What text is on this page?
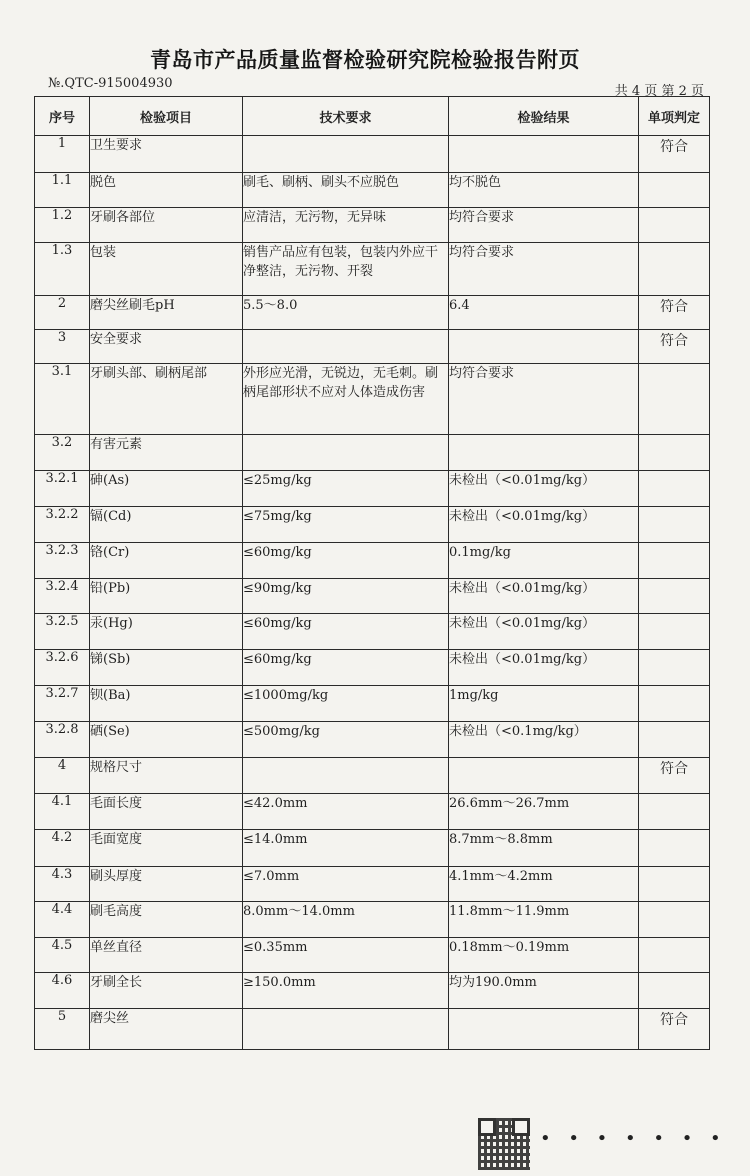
青岛市产品质量监督检验研究院检验报告附页
№.QTC-915004930
共 4 页 第 2 页
序号	检验项目	技术要求	检验结果	单项判定
1	卫生要求			符合
1.1	脱色	刷毛、刷柄、刷头不应脱色	均不脱色	
1.2	牙刷各部位	应清洁，无污物，无异味	均符合要求	
1.3	包装	销售产品应有包装，包装内外应干净整洁，无污物、开裂	均符合要求	
2	磨尖丝刷毛pH	5.5～8.0	6.4	符合
3	安全要求			符合
3.1	牙刷头部、刷柄尾部	外形应光滑，无锐边，无毛刺。刷柄尾部形状不应对人体造成伤害	均符合要求	
3.2	有害元素			
3.2.1	砷(As)	≤25mg/kg	未检出（<0.01mg/kg）	
3.2.2	镉(Cd)	≤75mg/kg	未检出（<0.01mg/kg）	
3.2.3	铬(Cr)	≤60mg/kg	0.1mg/kg	
3.2.4	铅(Pb)	≤90mg/kg	未检出（<0.01mg/kg）	
3.2.5	汞(Hg)	≤60mg/kg	未检出（<0.01mg/kg）	
3.2.6	锑(Sb)	≤60mg/kg	未检出（<0.01mg/kg）	
3.2.7	钡(Ba)	≤1000mg/kg	1mg/kg	
3.2.8	硒(Se)	≤500mg/kg	未检出（<0.1mg/kg）	
4	规格尺寸			符合
4.1	毛面长度	≤42.0mm	26.6mm～26.7mm	
4.2	毛面宽度	≤14.0mm	8.7mm～8.8mm	
4.3	刷头厚度	≤7.0mm	4.1mm～4.2mm	
4.4	刷毛高度	8.0mm～14.0mm	11.8mm～11.9mm	
4.5	单丝直径	≤0.35mm	0.18mm～0.19mm	
4.6	牙刷全长	≥150.0mm	均为190.0mm	
5	磨尖丝			符合
• • • • • • •
